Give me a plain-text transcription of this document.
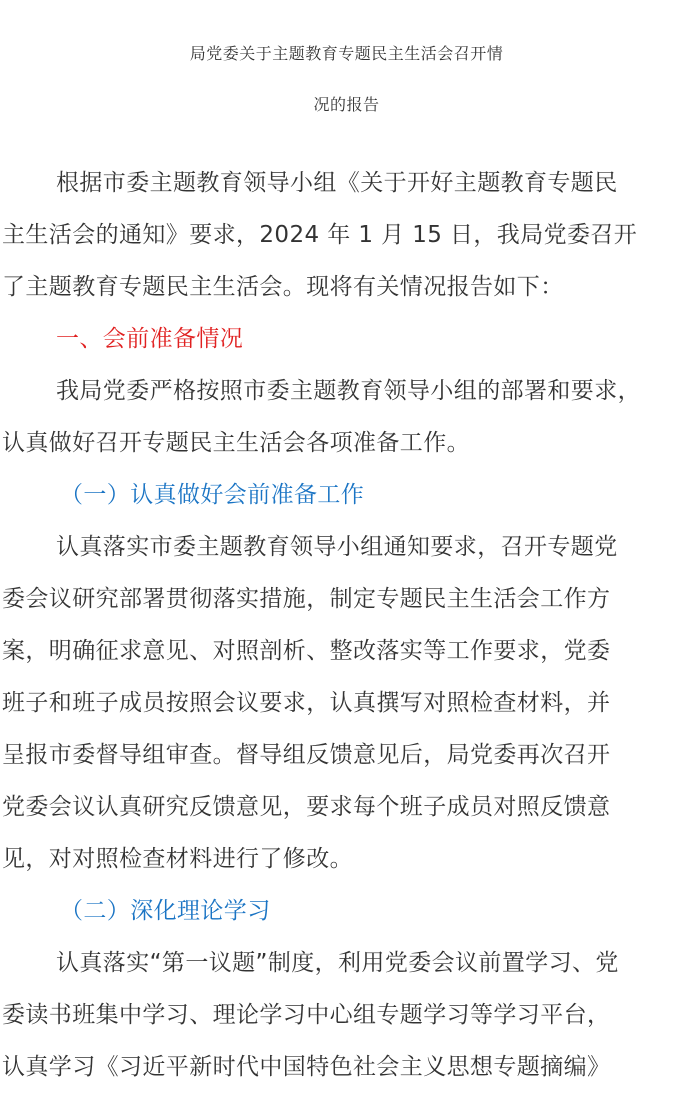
局党委关于主题教育专题民主生活会召开情
况的报告
根据市委主题教育领导小组《关于开好主题教育专题民
主生活会的通知》要求，2024 年 1 月 15 日，我局党委召开
了主题教育专题民主生活会。现将有关情况报告如下：
一、会前准备情况
我局党委严格按照市委主题教育领导小组的部署和要求，
认真做好召开专题民主生活会各项准备工作。
（一）认真做好会前准备工作
认真落实市委主题教育领导小组通知要求，召开专题党
委会议研究部署贯彻落实措施，制定专题民主生活会工作方
案，明确征求意见、对照剖析、整改落实等工作要求，党委
班子和班子成员按照会议要求，认真撰写对照检查材料，并
呈报市委督导组审查。督导组反馈意见后，局党委再次召开
党委会议认真研究反馈意见，要求每个班子成员对照反馈意
见，对对照检查材料进行了修改。
（二）深化理论学习
认真落实“第一议题”制度，利用党委会议前置学习、党
委读书班集中学习、理论学习中心组专题学习等学习平台，
认真学习《习近平新时代中国特色社会主义思想专题摘编》
